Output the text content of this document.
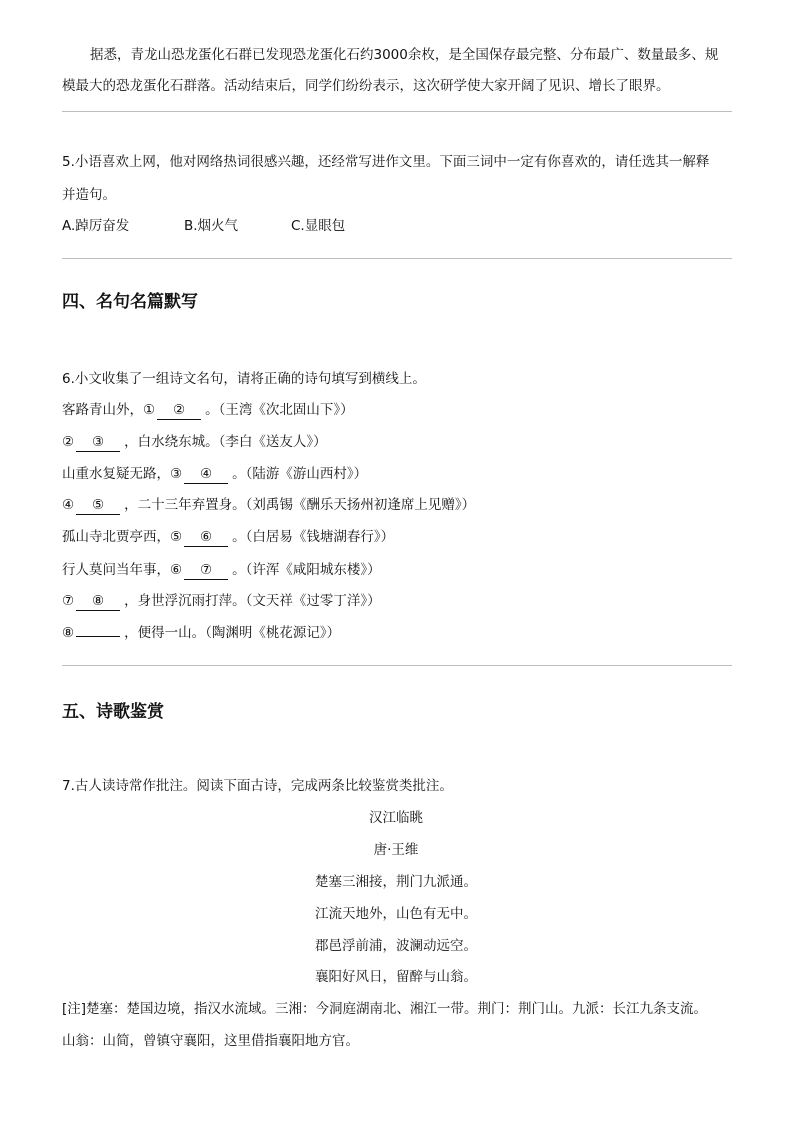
据悉，青龙山恐龙蛋化石群已发现恐龙蛋化石约3000余枚，是全国保存最完整、分布最广、数量最多、规
模最大的恐龙蛋化石群落。活动结束后，同学们纷纷表示，这次研学使大家开阔了见识、增长了眼界。
5.小语喜欢上网，他对网络热词很感兴趣，还经常写进作文里。下面三词中一定有你喜欢的，请任选其一解释
并造句。
A.踔厉奋发	B.烟火气	C.显眼包
四、名句名篇默写
6.小文收集了一组诗文名句，请将正确的诗句填写到横线上。
客路青山外，① ② 。（王湾《次北固山下》）
② ③ ，白水绕东城。（李白《送友人》）
山重水复疑无路，③ ④ 。（陆游《游山西村》）
④ ⑤ ，二十三年弃置身。（刘禹锡《酬乐天扬州初逢席上见赠》）
孤山寺北贾亭西，⑤ ⑥ 。（白居易《钱塘湖春行》）
行人莫问当年事，⑥ ⑦ 。（许浑《咸阳城东楼》）
⑦ ⑧ ，身世浮沉雨打萍。（文天祥《过零丁洋》）
⑧	，便得一山。（陶渊明《桃花源记》）
五、诗歌鉴赏
7.古人读诗常作批注。阅读下面古诗，完成两条比较鉴赏类批注。
汉江临眺
唐·王维
楚塞三湘接，荆门九派通。
江流天地外，山色有无中。
郡邑浮前浦，波澜动远空。
襄阳好风日，留醉与山翁。
[注]楚塞：楚国边境，指汉水流域。三湘：今洞庭湖南北、湘江一带。荆门：荆门山。九派：长江九条支流。
山翁：山简，曾镇守襄阳，这里借指襄阳地方官。
